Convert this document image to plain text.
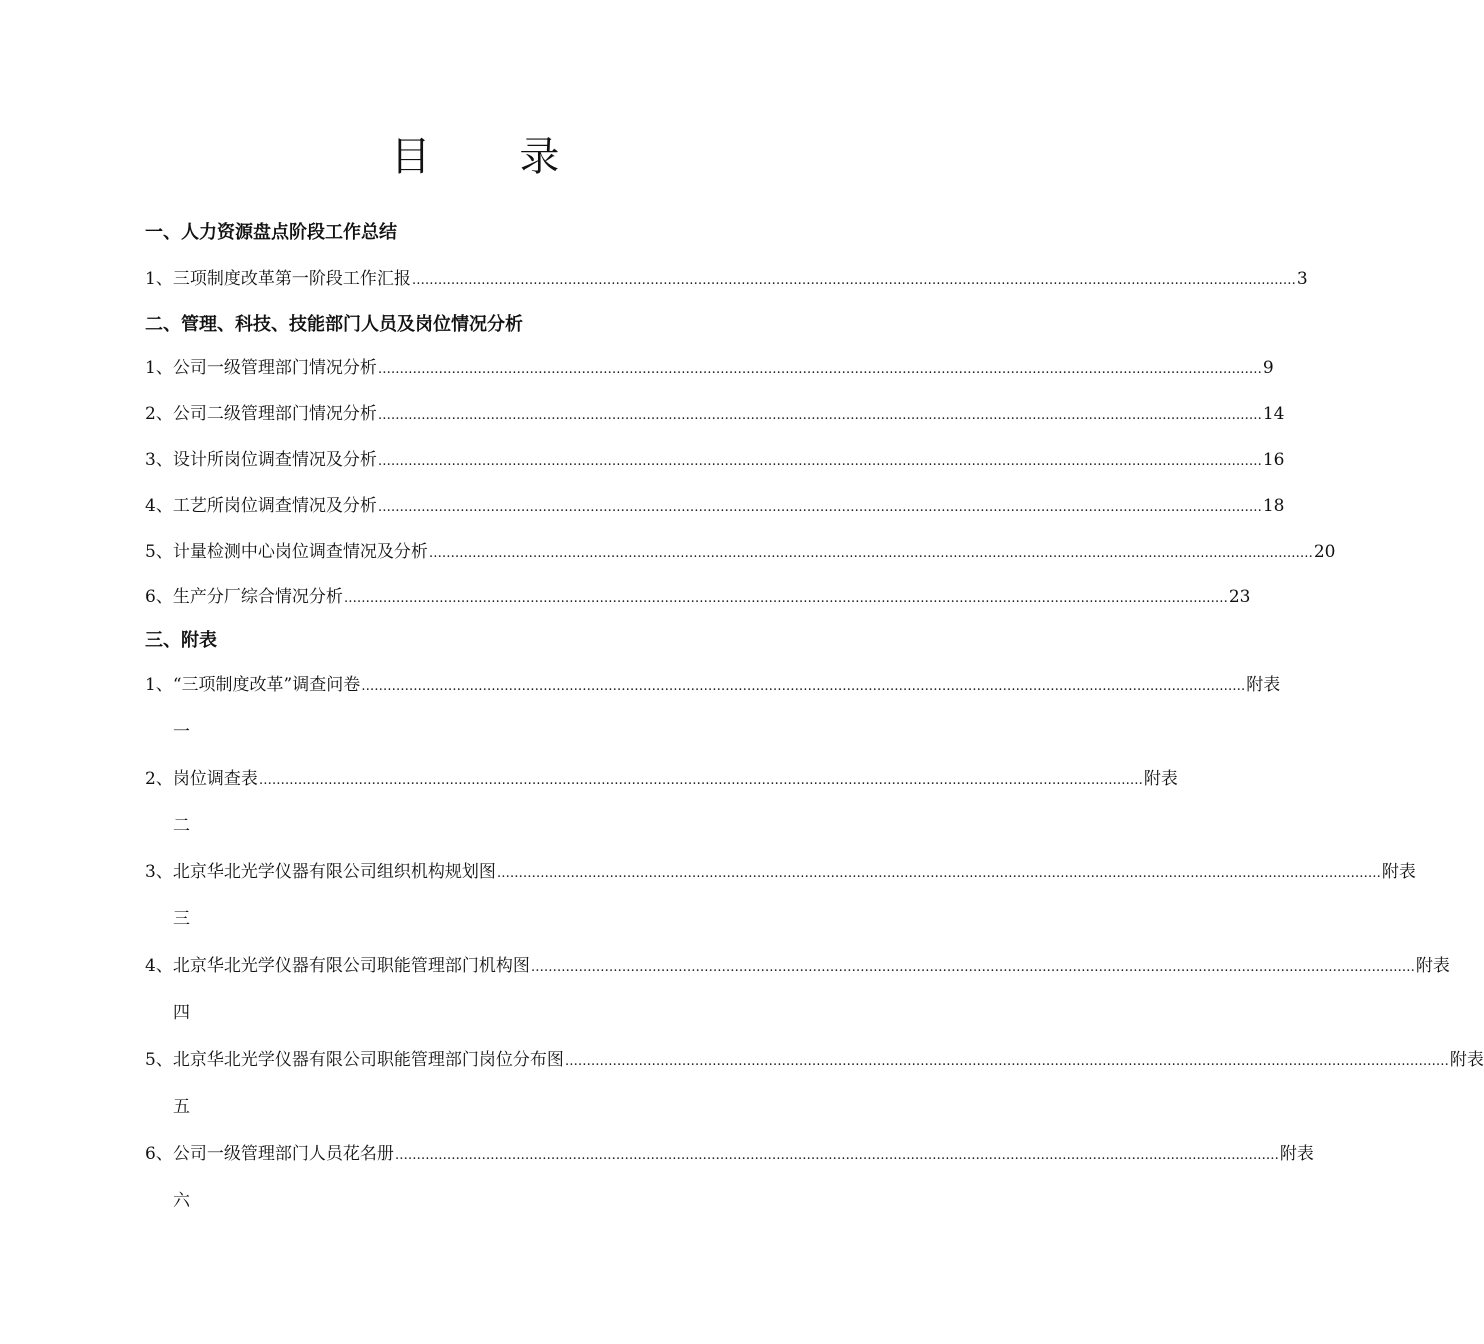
目 录
一、人力资源盘点阶段工作总结
1、 三项制度改革第一阶段工作汇报 …………………………………………………………………………………………………………………………………………………………………………………… 3
二、管理、科技、技能部门人员及岗位情况分析
1、 公司一级管理部门情况分析 …………………………………………………………………………………………………………………………………………………………………………………… 9
2、 公司二级管理部门情况分析 …………………………………………………………………………………………………………………………………………………………………………………… 14
3、 设计所岗位调查情况及分析 …………………………………………………………………………………………………………………………………………………………………………………… 16
4、 工艺所岗位调查情况及分析 …………………………………………………………………………………………………………………………………………………………………………………… 18
5、 计量检测中心岗位调查情况及分析 …………………………………………………………………………………………………………………………………………………………………………………… 20
6、 生产分厂综合情况分析 …………………………………………………………………………………………………………………………………………………………………………………… 23
三、附表
1、 “三项制度改革”调查问卷 …………………………………………………………………………………………………………………………………………………………………………………… 附表
一
2、 岗位调查表 …………………………………………………………………………………………………………………………………………………………………………………… 附表
二
3、 北京华北光学仪器有限公司组织机构规划图 …………………………………………………………………………………………………………………………………………………………………………………… 附表
三
4、 北京华北光学仪器有限公司职能管理部门机构图 …………………………………………………………………………………………………………………………………………………………………………………… 附表
四
5、 北京华北光学仪器有限公司职能管理部门岗位分布图 …………………………………………………………………………………………………………………………………………………………………………………… 附表
五
6、 公司一级管理部门人员花名册 …………………………………………………………………………………………………………………………………………………………………………………… 附表
六
